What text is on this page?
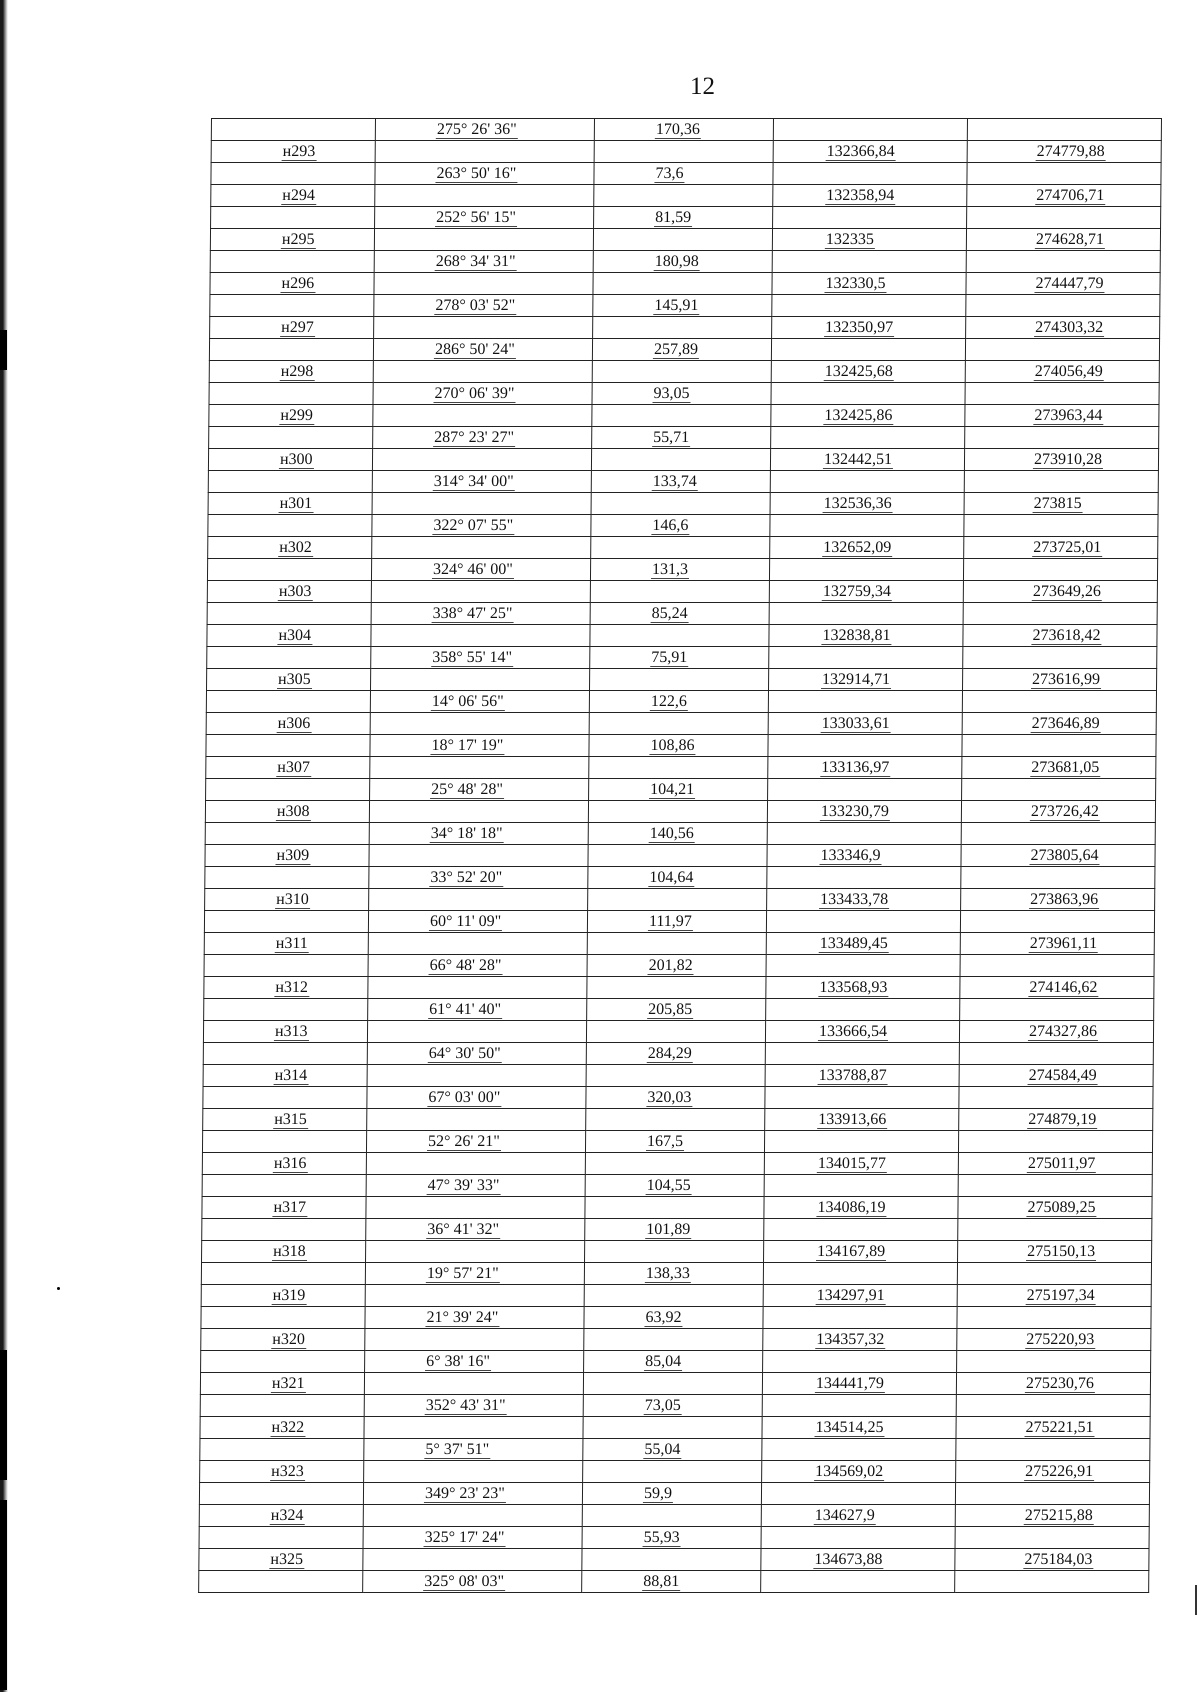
12
	275° 26' 36"	170,36		
н293			132366,84	274779,88
	263° 50' 16"	73,6		
н294			132358,94	274706,71
	252° 56' 15"	81,59		
н295			132335	274628,71
	268° 34' 31"	180,98		
н296			132330,5	274447,79
	278° 03' 52"	145,91		
н297			132350,97	274303,32
	286° 50' 24"	257,89		
н298			132425,68	274056,49
	270° 06' 39"	93,05		
н299			132425,86	273963,44
	287° 23' 27"	55,71		
н300			132442,51	273910,28
	314° 34' 00"	133,74		
н301			132536,36	273815
	322° 07' 55"	146,6		
н302			132652,09	273725,01
	324° 46' 00"	131,3		
н303			132759,34	273649,26
	338° 47' 25"	85,24		
н304			132838,81	273618,42
	358° 55' 14"	75,91		
н305			132914,71	273616,99
	14° 06' 56"	122,6		
н306			133033,61	273646,89
	18° 17' 19"	108,86		
н307			133136,97	273681,05
	25° 48' 28"	104,21		
н308			133230,79	273726,42
	34° 18' 18"	140,56		
н309			133346,9	273805,64
	33° 52' 20"	104,64		
н310			133433,78	273863,96
	60° 11' 09"	111,97		
н311			133489,45	273961,11
	66° 48' 28"	201,82		
н312			133568,93	274146,62
	61° 41' 40"	205,85		
н313			133666,54	274327,86
	64° 30' 50"	284,29		
н314			133788,87	274584,49
	67° 03' 00"	320,03		
н315			133913,66	274879,19
	52° 26' 21"	167,5		
н316			134015,77	275011,97
	47° 39' 33"	104,55		
н317			134086,19	275089,25
	36° 41' 32"	101,89		
н318			134167,89	275150,13
	19° 57' 21"	138,33		
н319			134297,91	275197,34
	21° 39' 24"	63,92		
н320			134357,32	275220,93
	6° 38' 16"	85,04		
н321			134441,79	275230,76
	352° 43' 31"	73,05		
н322			134514,25	275221,51
	5° 37' 51"	55,04		
н323			134569,02	275226,91
	349° 23' 23"	59,9		
н324			134627,9	275215,88
	325° 17' 24"	55,93		
н325			134673,88	275184,03
	325° 08' 03"	88,81		
